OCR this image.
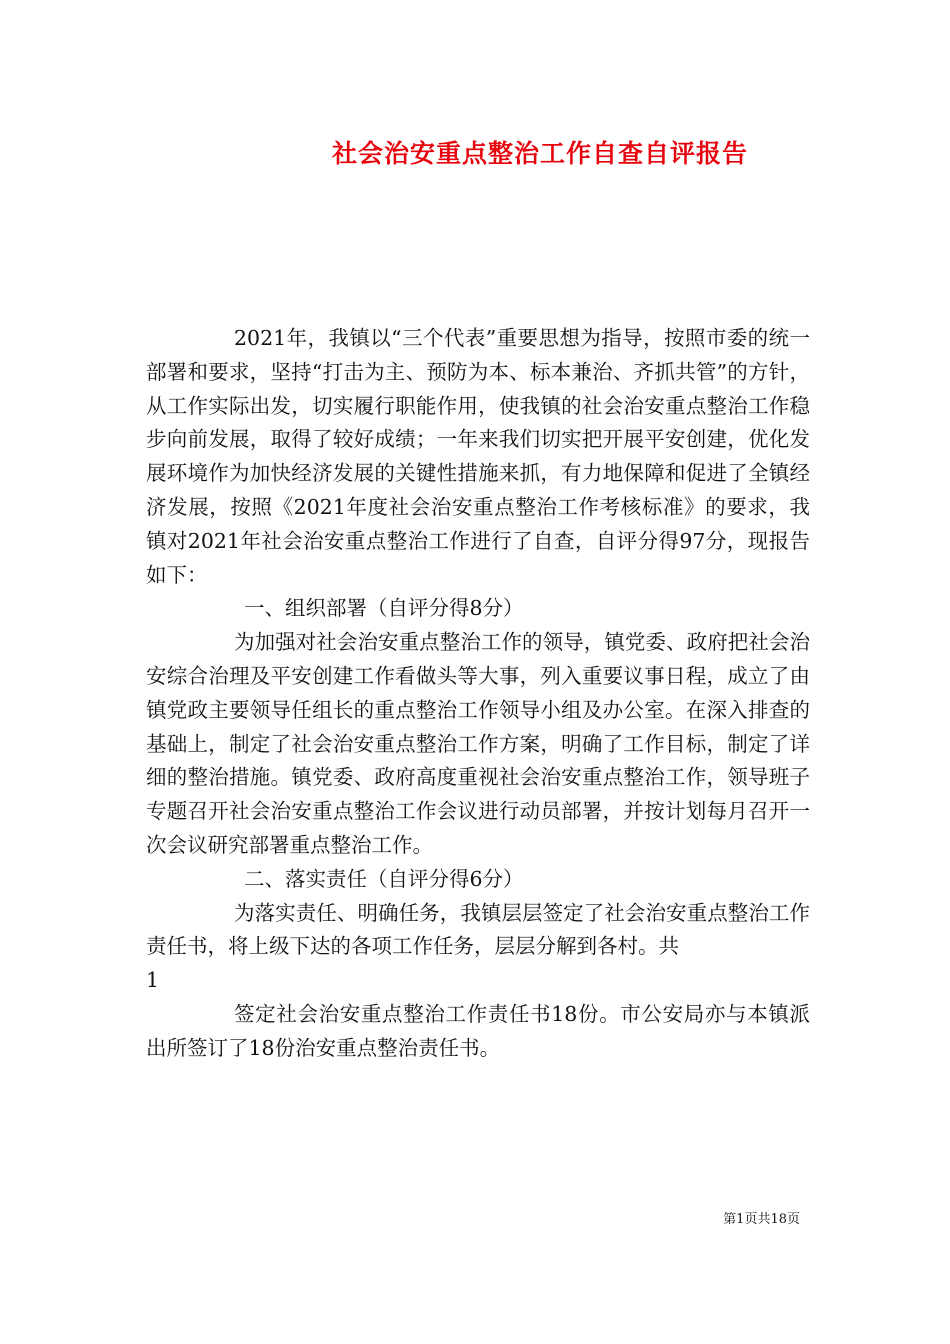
社会治安重点整治工作自查自评报告

2021年，我镇以“三个代表”重要思想为指导，按照市委的统一部署和要求，坚持“打击为主、预防为本、标本兼治、齐抓共管”的方针，从工作实际出发，切实履行职能作用，使我镇的社会治安重点整治工作稳步向前发展，取得了较好成绩；一年来我们切实把开展平安创建，优化发展环境作为加快经济发展的关键性措施来抓，有力地保障和促进了全镇经济发展，按照《2021年度社会治安重点整治工作考核标准》的要求，我镇对2021年社会治安重点整治工作进行了自查，自评分得97分，现报告如下：

一、组织部署（自评分得8分）

为加强对社会治安重点整治工作的领导，镇党委、政府把社会治安综合治理及平安创建工作看做头等大事，列入重要议事日程，成立了由镇党政主要领导任组长的重点整治工作领导小组及办公室。在深入排查的基础上，制定了社会治安重点整治工作方案，明确了工作目标，制定了详细的整治措施。镇党委、政府高度重视社会治安重点整治工作，领导班子专题召开社会治安重点整治工作会议进行动员部署，并按计划每月召开一次会议研究部署重点整治工作。

二、落实责任（自评分得6分）

为落实责任、明确任务，我镇层层签定了社会治安重点整治工作责任书，将上级下达的各项工作任务，层层分解到各村。共

1

签定社会治安重点整治工作责任书18份。市公安局亦与本镇派出所签订了18份治安重点整治责任书。

第1页共18页
